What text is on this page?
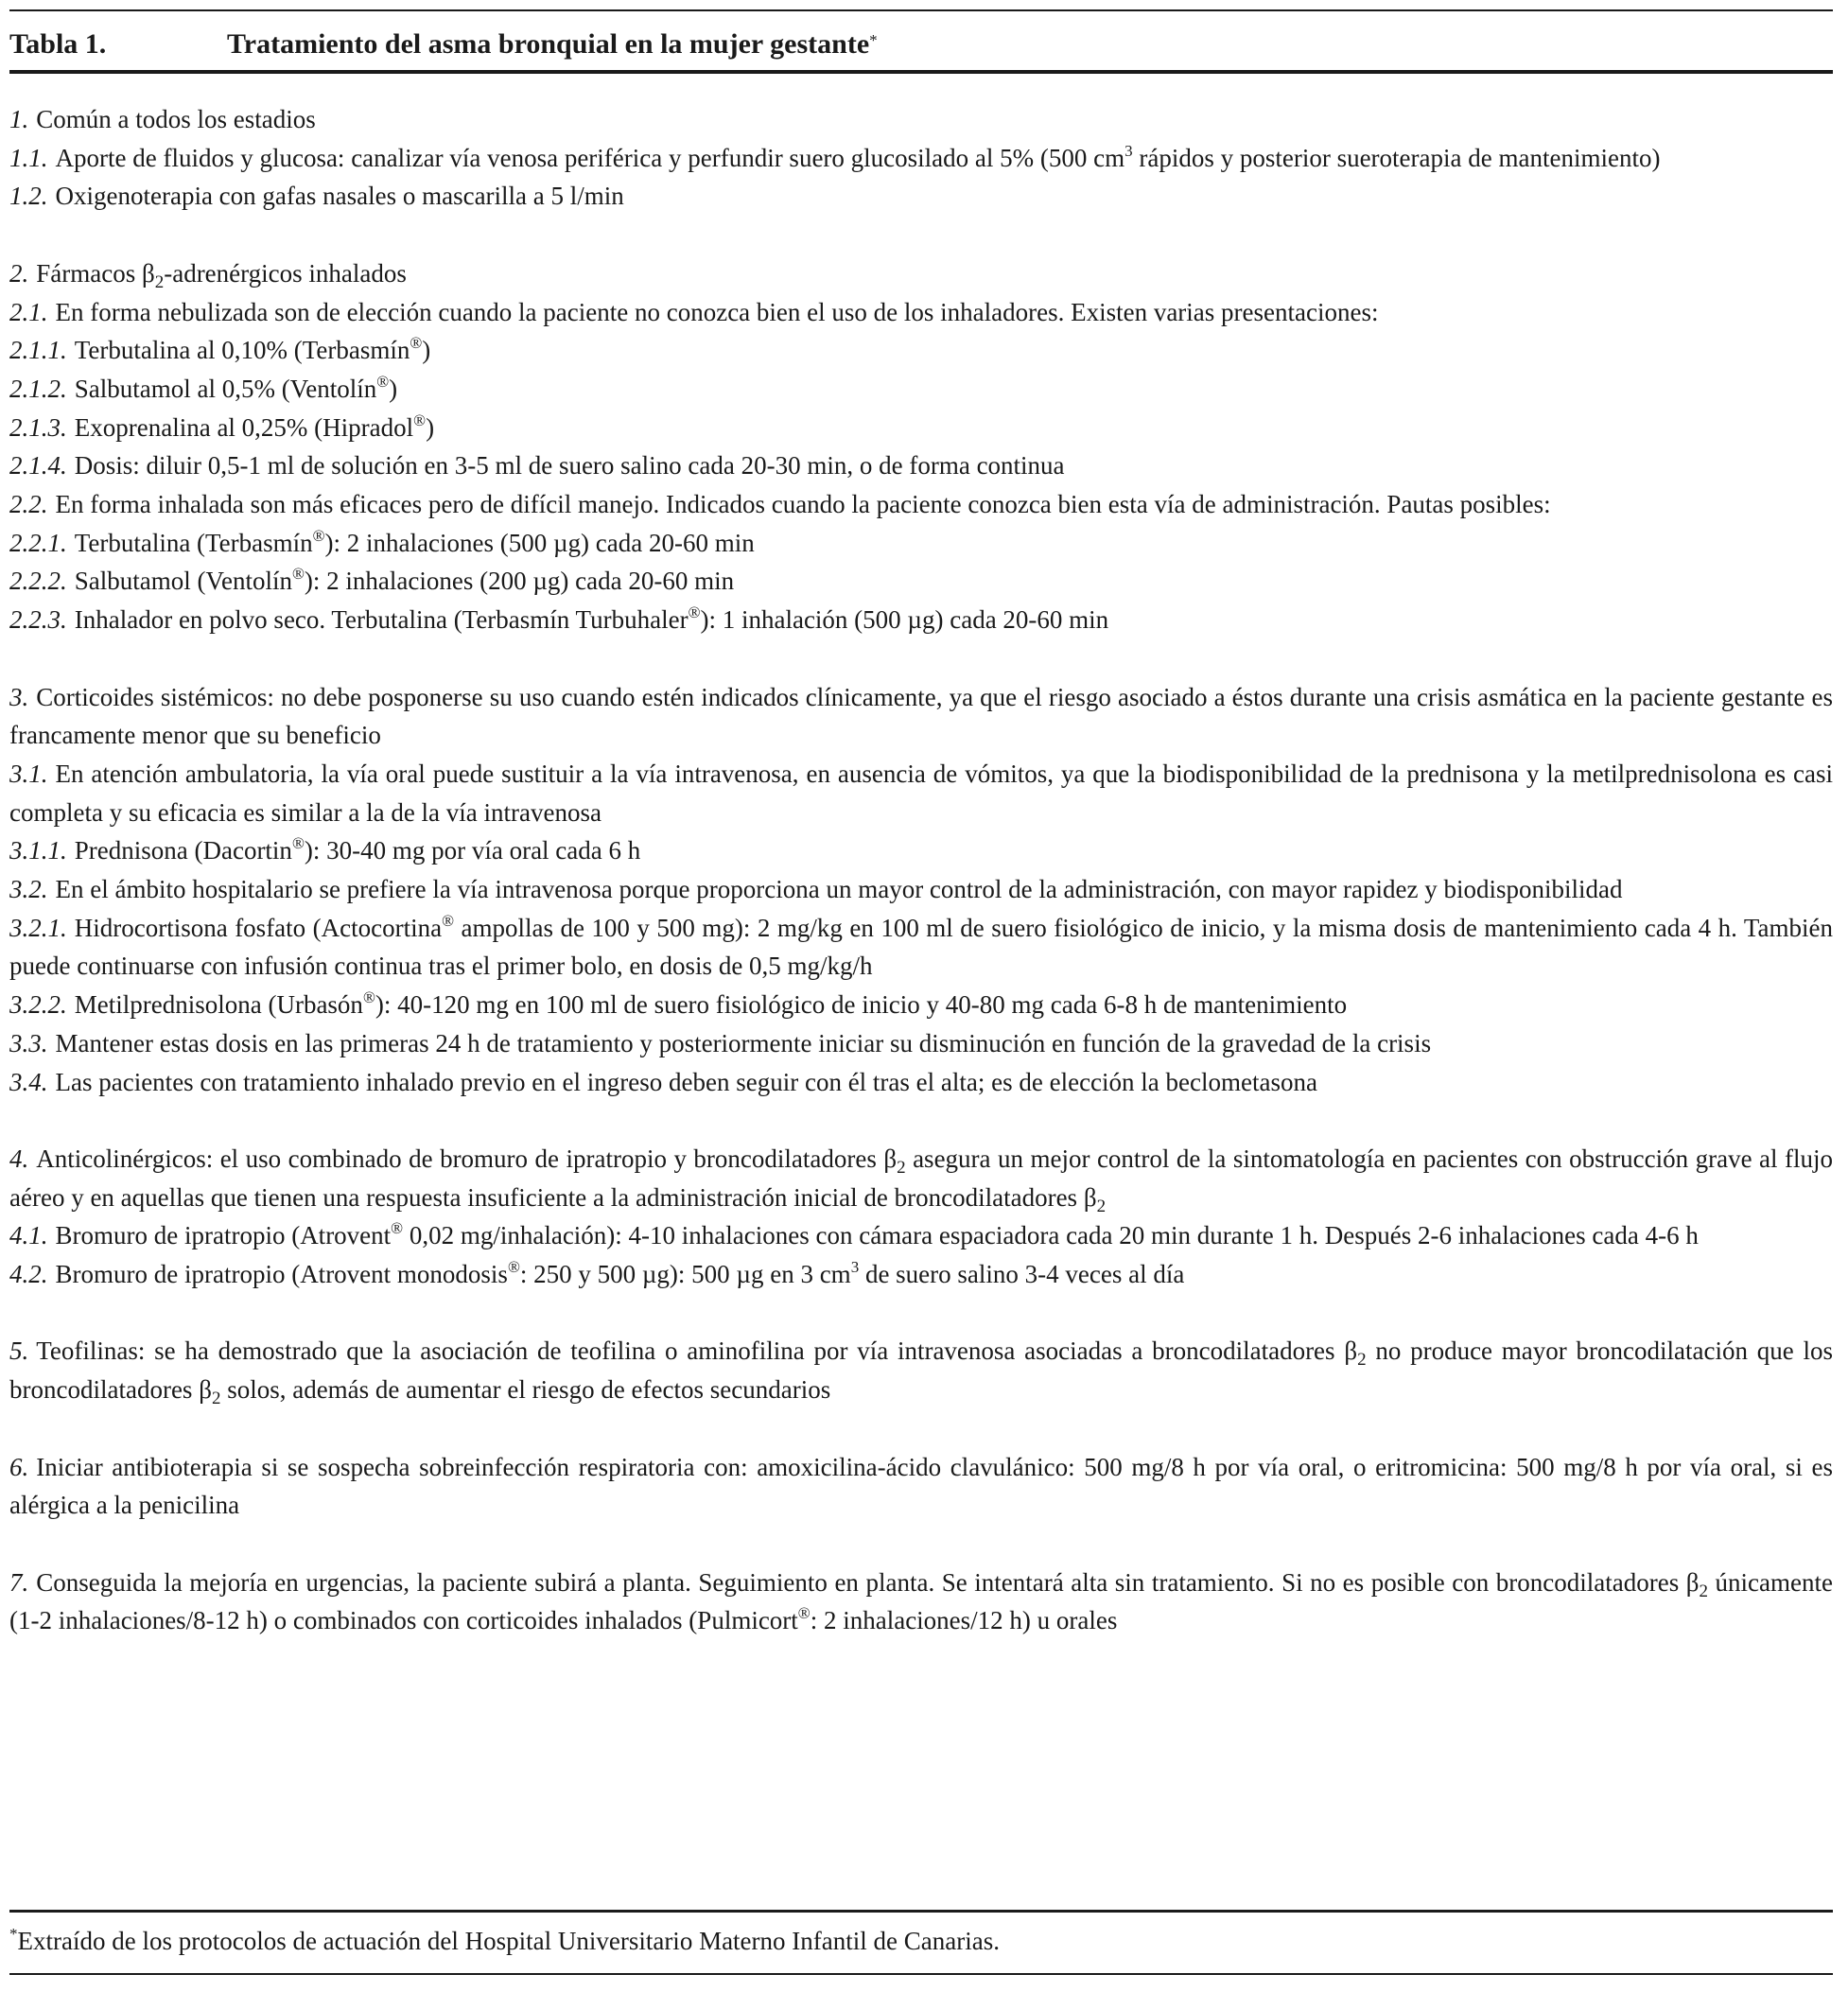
Tabla 1.	Tratamiento del asma bronquial en la mujer gestante*

1. Común a todos los estadios

1.1. Aporte de fluidos y glucosa: canalizar vía venosa periférica y perfundir suero glucosilado al 5% (500 $cm^3$ rápidos y posterior sueroterapia de mantenimiento)

1.2. Oxigenoterapia con gafas nasales o mascarilla a 5 l/min

2. Fármacos $\beta_2$-adrenérgicos inhalados

2.1. En forma nebulizada son de elección cuando la paciente no conozca bien el uso de los inhaladores. Existen varias presentaciones:

2.1.1. Terbutalina al 0,10% (Terbasmín®)

2.1.2. Salbutamol al 0,5% (Ventolín®)

2.1.3. Exoprenalina al 0,25% (Hipradol®)

2.1.4. Dosis: diluir 0,5-1 ml de solución en 3-5 ml de suero salino cada 20-30 min, o de forma continua

2.2. En forma inhalada son más eficaces pero de difícil manejo. Indicados cuando la paciente conozca bien esta vía de administración. Pautas posibles:

2.2.1. Terbutalina (Terbasmín®): 2 inhalaciones (500 µg) cada 20-60 min

2.2.2. Salbutamol (Ventolín®): 2 inhalaciones (200 µg) cada 20-60 min

2.2.3. Inhalador en polvo seco. Terbutalina (Terbasmín Turbuhaler®): 1 inhalación (500 µg) cada 20-60 min

3. Corticoides sistémicos: no debe posponerse su uso cuando estén indicados clínicamente, ya que el riesgo asociado a éstos durante una crisis asmática en la paciente gestante es francamente menor que su beneficio

3.1. En atención ambulatoria, la vía oral puede sustituir a la vía intravenosa, en ausencia de vómitos, ya que la biodisponibilidad de la prednisona y la metilprednisolona es casi completa y su eficacia es similar a la de la vía intravenosa

3.1.1. Prednisona (Dacortin®): 30-40 mg por vía oral cada 6 h

3.2. En el ámbito hospitalario se prefiere la vía intravenosa porque proporciona un mayor control de la administración, con mayor rapidez y biodisponibilidad

3.2.1. Hidrocortisona fosfato (Actocortina® ampollas de 100 y 500 mg): 2 mg/kg en 100 ml de suero fisiológico de inicio, y la misma dosis de mantenimiento cada 4 h. También puede continuarse con infusión continua tras el primer bolo, en dosis de 0,5 mg/kg/h

3.2.2. Metilprednisolona (Urbasón®): 40-120 mg en 100 ml de suero fisiológico de inicio y 40-80 mg cada 6-8 h de mantenimiento

3.3. Mantener estas dosis en las primeras 24 h de tratamiento y posteriormente iniciar su disminución en función de la gravedad de la crisis

3.4. Las pacientes con tratamiento inhalado previo en el ingreso deben seguir con él tras el alta; es de elección la beclometasona

4. Anticolinérgicos: el uso combinado de bromuro de ipratropio y broncodilatadores $\beta_2$ asegura un mejor control de la sintomatología en pacientes con obstrucción grave al flujo aéreo y en aquellas que tienen una respuesta insuficiente a la administración inicial de broncodilatadores $\beta_2$

4.1. Bromuro de ipratropio (Atrovent® 0,02 mg/inhalación): 4-10 inhalaciones con cámara espaciadora cada 20 min durante 1 h. Después 2-6 inhalaciones cada 4-6 h

4.2. Bromuro de ipratropio (Atrovent monodosis®: 250 y 500 µg): 500 µg en 3 $cm^3$ de suero salino 3-4 veces al día

5. Teofilinas: se ha demostrado que la asociación de teofilina o aminofilina por vía intravenosa asociadas a broncodilatadores $\beta_2$ no produce mayor broncodilatación que los broncodilatadores $\beta_2$ solos, además de aumentar el riesgo de efectos secundarios

6. Iniciar antibioterapia si se sospecha sobreinfección respiratoria con: amoxicilina-ácido clavulánico: 500 mg/8 h por vía oral, o eritromicina: 500 mg/8 h por vía oral, si es alérgica a la penicilina

7. Conseguida la mejoría en urgencias, la paciente subirá a planta. Seguimiento en planta. Se intentará alta sin tratamiento. Si no es posible con broncodilatadores $\beta_2$ únicamente (1-2 inhalaciones/8-12 h) o combinados con corticoides inhalados (Pulmicort®: 2 inhalaciones/12 h) u orales

*Extraído de los protocolos de actuación del Hospital Universitario Materno Infantil de Canarias.
